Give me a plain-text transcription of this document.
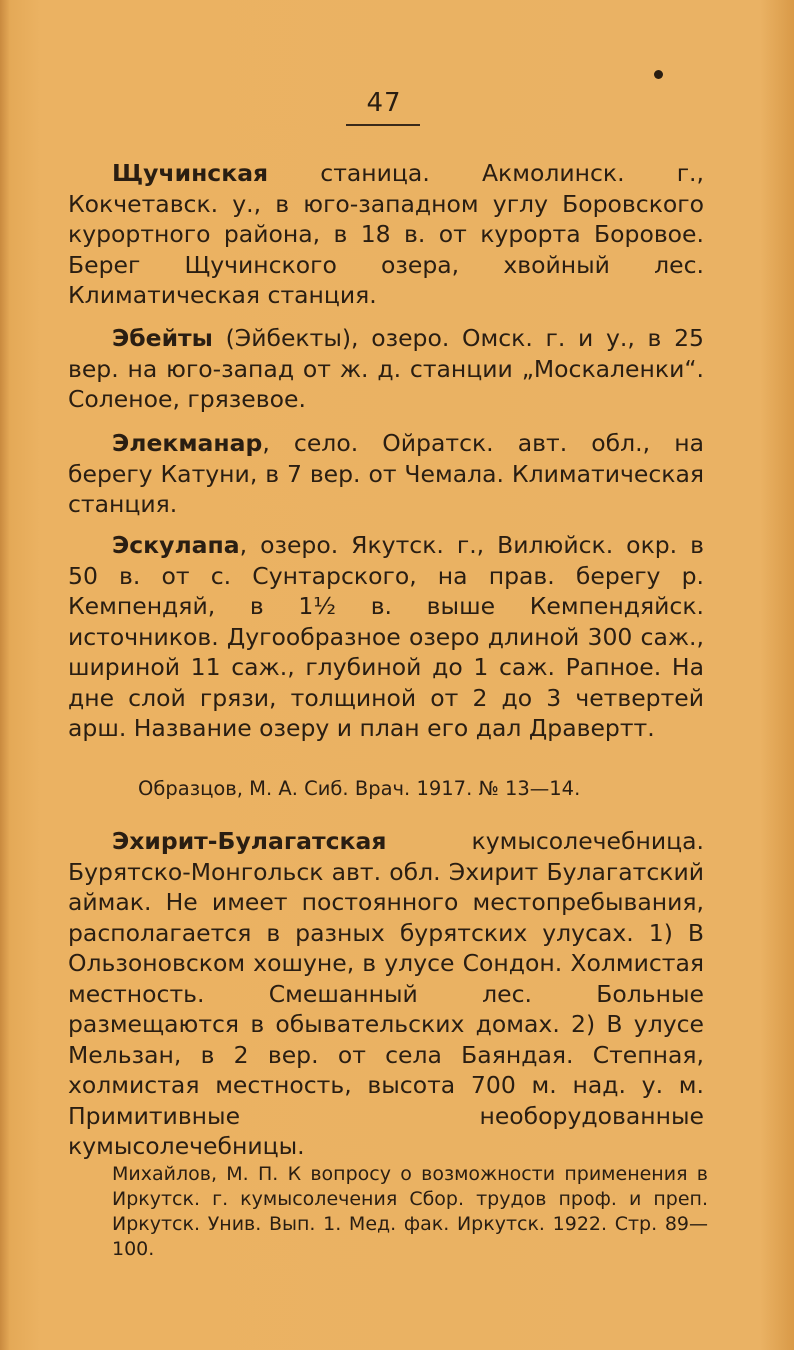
47

Щучинская станица. Акмолинск. г., Кокчетавск. у., в юго-западном углу Боровского курортного района, в 18 в. от курорта Боровое. Берег Щучинского озера, хвойный лес. Климатическая станция.

Эбейты (Эйбекты), озеро. Омск. г. и у., в 25 вер. на юго-запад от ж. д. станции „Москаленки“. Соленое, грязевое.

Элекманар, село. Ойратск. авт. обл., на берегу Катуни, в 7 вер. от Чемала. Климатическая станция.

Эскулапа, озеро. Якутск. г., Вилюйск. окр. в 50 в. от с. Сунтарского, на прав. берегу р. Кемпендяй, в 1½ в. выше Кемпендяйск. источников. Дугообразное озеро длиной 300 саж., шириной 11 саж., глубиной до 1 саж. Рапное. На дне слой грязи, толщиной от 2 до 3 четвертей арш. Название озеру и план его дал Дравертт.

Образцов, М. А. Сиб. Врач. 1917. № 13—14.

Эхирит-Булагатская кумысолечебница. Бурятско-Монгольск авт. обл. Эхирит Булагатский аймак. Не имеет постоянного местопребывания, располагается в разных бурятских улусах. 1) В Ользоновском хошуне, в улусе Сондон. Холмистая местность. Смешанный лес. Больные размещаются в обывательских домах. 2) В улусе Мельзан, в 2 вер. от села Баяндая. Степная, холмистая местность, высота 700 м. над. у. м. Примитивные необорудованные кумысолечебницы.

Михайлов, М. П. К вопросу о возможности применения в Иркутск. г. кумысолечения Сбор. трудов проф. и преп. Иркутск. Унив. Вып. 1. Мед. фак. Иркутск. 1922. Стр. 89—100.
